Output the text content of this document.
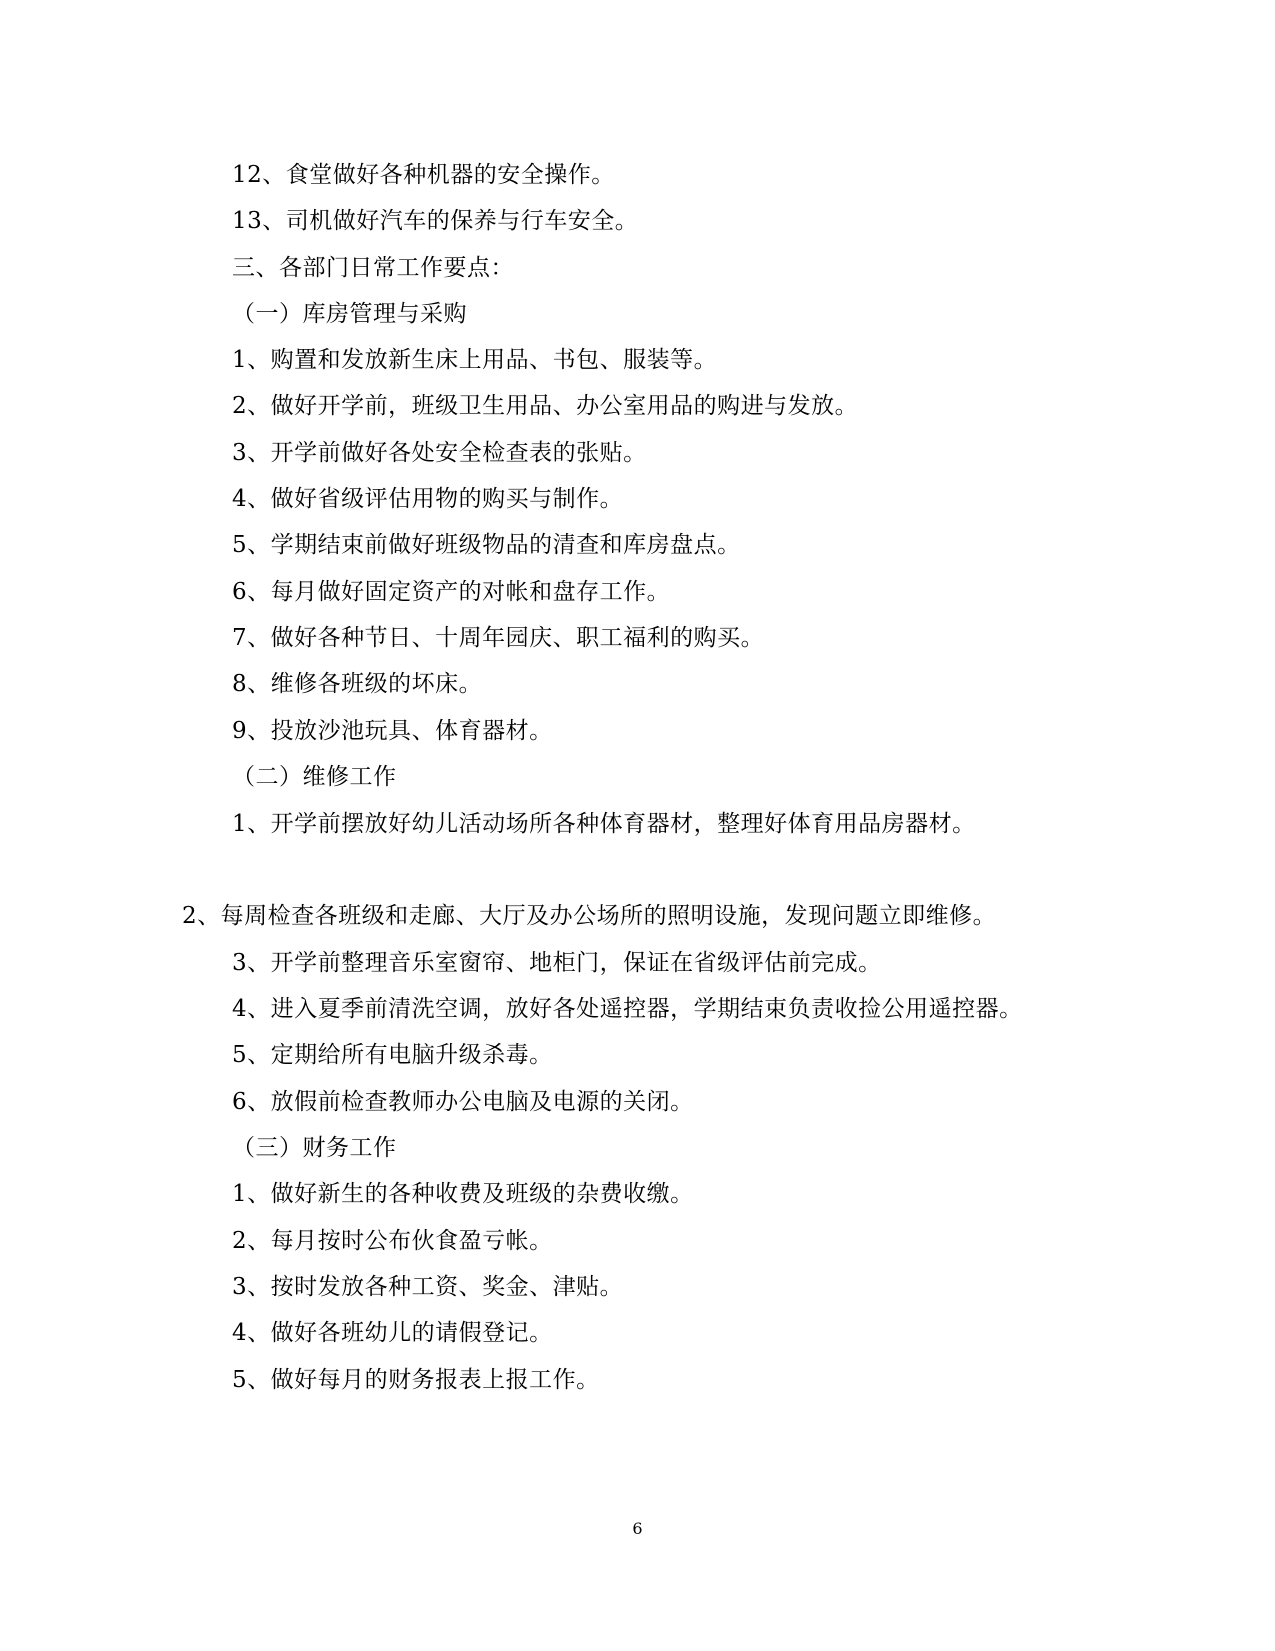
12、食堂做好各种机器的安全操作。
13、司机做好汽车的保养与行车安全。
三、各部门日常工作要点：
（一）库房管理与采购
1、购置和发放新生床上用品、书包、服装等。
2、做好开学前，班级卫生用品、办公室用品的购进与发放。
3、开学前做好各处安全检查表的张贴。
4、做好省级评估用物的购买与制作。
5、学期结束前做好班级物品的清查和库房盘点。
6、每月做好固定资产的对帐和盘存工作。
7、做好各种节日、十周年园庆、职工福利的购买。
8、维修各班级的坏床。
9、投放沙池玩具、体育器材。
（二）维修工作
1、开学前摆放好幼儿活动场所各种体育器材，整理好体育用品房器材。
2、每周检查各班级和走廊、大厅及办公场所的照明设施，发现问题立即维修。
3、开学前整理音乐室窗帘、地柜门，保证在省级评估前完成。
4、进入夏季前清洗空调，放好各处遥控器，学期结束负责收捡公用遥控器。
5、定期给所有电脑升级杀毒。
6、放假前检查教师办公电脑及电源的关闭。
（三）财务工作
1、做好新生的各种收费及班级的杂费收缴。
2、每月按时公布伙食盈亏帐。
3、按时发放各种工资、奖金、津贴。
4、做好各班幼儿的请假登记。
5、做好每月的财务报表上报工作。
6
